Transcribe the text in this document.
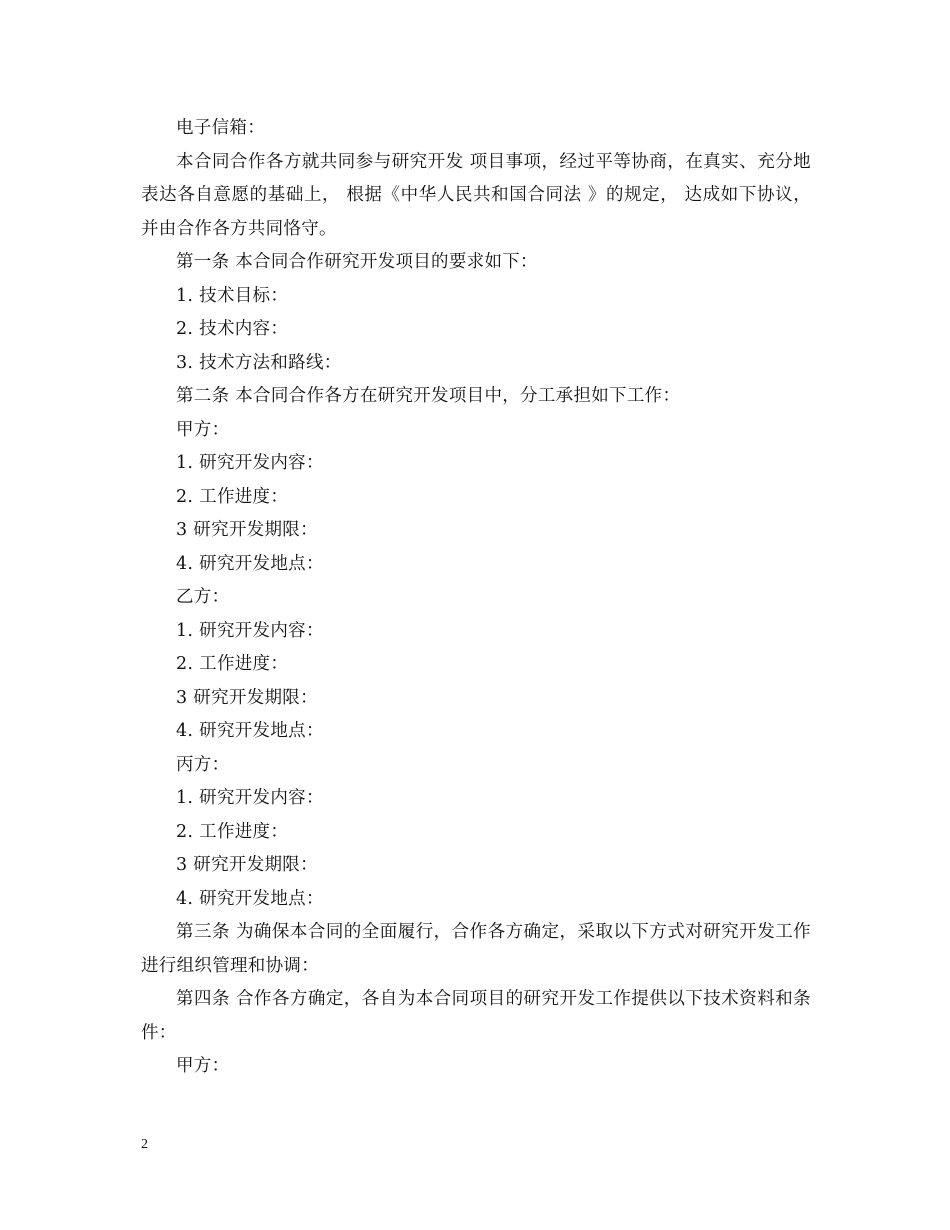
电子信箱：

本合同合作各方就共同参与研究开发 项目事项，经过平等协商，在真实、充分地表达各自意愿的基础上， 根据《中华人民共和国合同法 》的规定， 达成如下协议，并由合作各方共同恪守。

第一条 本合同合作研究开发项目的要求如下：

1. 技术目标：

2. 技术内容：

3. 技术方法和路线：

第二条 本合同合作各方在研究开发项目中，分工承担如下工作：

甲方：

1. 研究开发内容：

2. 工作进度：

3 研究开发期限：

4. 研究开发地点：

乙方：

1. 研究开发内容：

2. 工作进度：

3 研究开发期限：

4. 研究开发地点：

丙方：

1. 研究开发内容：

2. 工作进度：

3 研究开发期限：

4. 研究开发地点：

第三条 为确保本合同的全面履行，合作各方确定，采取以下方式对研究开发工作进行组织管理和协调：

第四条 合作各方确定，各自为本合同项目的研究开发工作提供以下技术资料和条件：

甲方：

2
